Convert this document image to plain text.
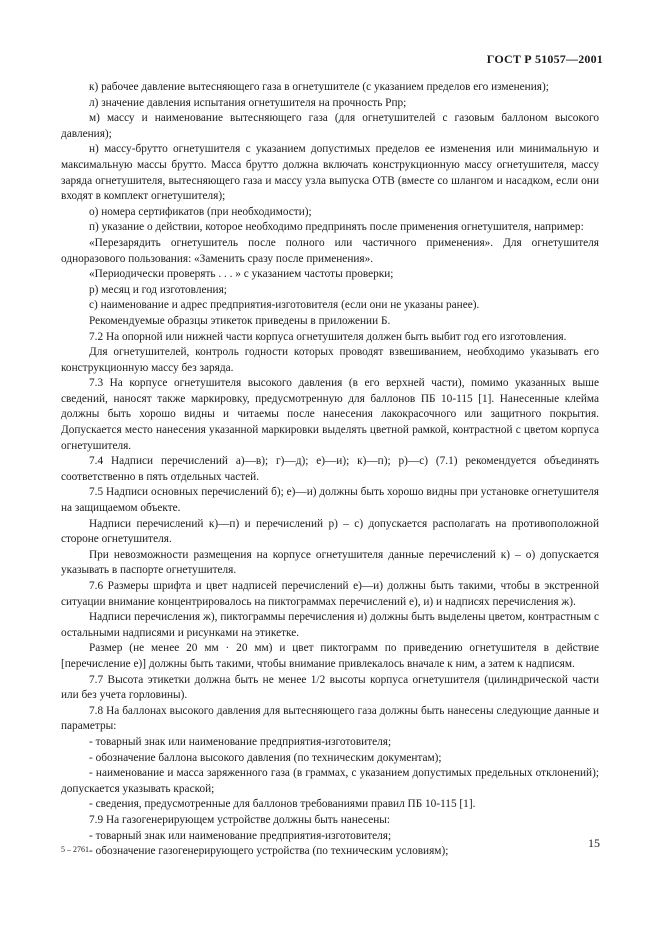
ГОСТ Р 51057—2001

к) рабочее давление вытесняющего газа в огнетушителе (с указанием пределов его изменения);

л) значение давления испытания огнетушителя на прочность Pпр;

м) массу и наименование вытесняющего газа (для огнетушителей с газовым баллоном высокого давления);

н) массу-брутто огнетушителя с указанием допустимых пределов ее изменения или минимальную и максимальную массы брутто. Масса брутто должна включать конструкционную массу огнетушителя, массу заряда огнетушителя, вытесняющего газа и массу узла выпуска ОТВ (вместе со шлангом и насадком, если они входят в комплект огнетушителя);

о) номера сертификатов (при необходимости);

п) указание о действии, которое необходимо предпринять после применения огнетушителя, например:

«Перезарядить огнетушитель после полного или частичного применения». Для огнетушителя одноразового пользования: «Заменить сразу после применения».

«Периодически проверять . . . » с указанием частоты проверки;

р) месяц и год изготовления;

с) наименование и адрес предприятия-изготовителя (если они не указаны ранее).

Рекомендуемые образцы этикеток приведены в приложении Б.

7.2 На опорной или нижней части корпуса огнетушителя должен быть выбит год его изготовления.

Для огнетушителей, контроль годности которых проводят взвешиванием, необходимо указывать его конструкционную массу без заряда.

7.3 На корпусе огнетушителя высокого давления (в его верхней части), помимо указанных выше сведений, наносят также маркировку, предусмотренную для баллонов ПБ 10-115 [1]. Нанесенные клейма должны быть хорошо видны и читаемы после нанесения лакокрасочного или защитного покрытия. Допускается место нанесения указанной маркировки выделять цветной рамкой, контрастной с цветом корпуса огнетушителя.

7.4 Надписи перечислений а)—в); г)—д); е)—и); к)—п); р)—с) (7.1) рекомендуется объединять соответственно в пять отдельных частей.

7.5 Надписи основных перечислений б); е)—и) должны быть хорошо видны при установке огнетушителя на защищаемом объекте.

Надписи перечислений к)—п) и перечислений р) – с) допускается располагать на противоположной стороне огнетушителя.

При невозможности размещения на корпусе огнетушителя данные перечислений к) – о) допускается указывать в паспорте огнетушителя.

7.6 Размеры шрифта и цвет надписей перечислений е)—и) должны быть такими, чтобы в экстренной ситуации внимание концентрировалось на пиктограммах перечислений е), и) и надписях перечисления ж).

Надписи перечисления ж), пиктограммы перечисления и) должны быть выделены цветом, контрастным с остальными надписями и рисунками на этикетке.

Размер (не менее 20 мм · 20 мм) и цвет пиктограмм по приведению огнетушителя в действие [перечисление е)] должны быть такими, чтобы внимание привлекалось вначале к ним, а затем к надписям.

7.7 Высота этикетки должна быть не менее 1/2 высоты корпуса огнетушителя (цилиндрической части или без учета горловины).

7.8 На баллонах высокого давления для вытесняющего газа должны быть нанесены следующие данные и параметры:

- товарный знак или наименование предприятия-изготовителя;

- обозначение баллона высокого давления (по техническим документам);

- наименование и масса заряженного газа (в граммах, с указанием допустимых предельных отклонений); допускается указывать краской;

- сведения, предусмотренные для баллонов требованиями правил ПБ 10-115 [1].

7.9 На газогенерирующем устройстве должны быть нанесены:

- товарный знак или наименование предприятия-изготовителя;

- обозначение газогенерирующего устройства (по техническим условиям);

5 – 2761	15
